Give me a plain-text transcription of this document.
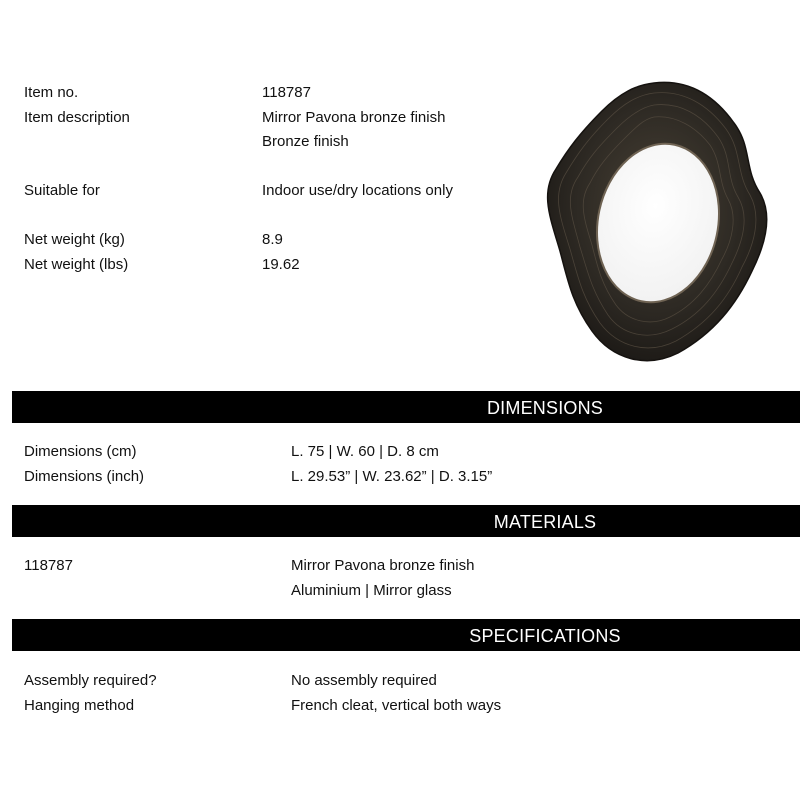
Item no.	118787
Item description	Mirror Pavona bronze finish
Bronze finish
Suitable for	Indoor use/dry locations only
Net weight (kg)	8.9
Net weight (lbs)	19.62
DIMENSIONS
Dimensions (cm)	L. 75 | W. 60 | D. 8 cm
Dimensions (inch)	L. 29.53” | W. 23.62” | D. 3.15”
MATERIALS
118787	Mirror Pavona bronze finish
Aluminium | Mirror glass
SPECIFICATIONS
Assembly required?	No assembly required
Hanging method	French cleat, vertical both ways
